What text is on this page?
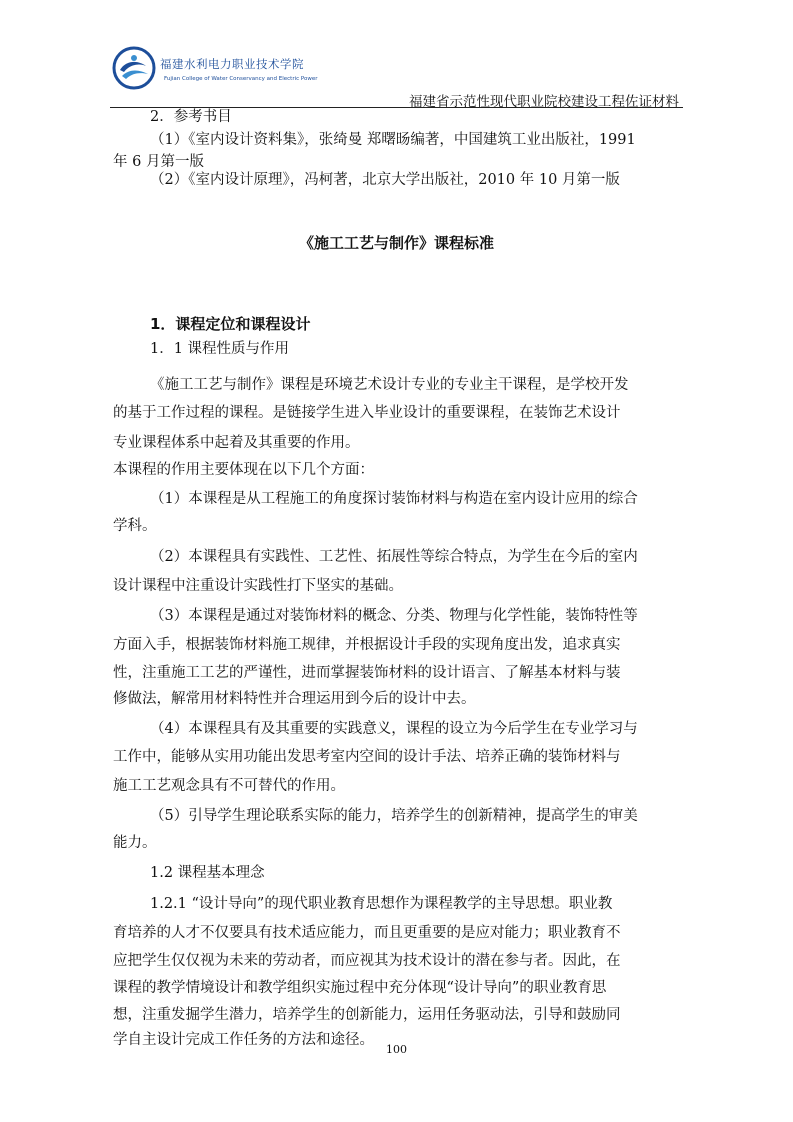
福建水利电力职业技术学院
Fujian College of Water Conservancy and Electric Power
福建省示范性现代职业院校建设工程佐证材料
2．参考书目
（1）《室内设计资料集》，张绮曼 郑曙旸编著，中国建筑工业出版社，1991
年 6 月第一版
（2）《室内设计原理》，冯柯著，北京大学出版社，2010 年 10 月第一版
《施工工艺与制作》课程标准
1．课程定位和课程设计
1．1 课程性质与作用
《施工工艺与制作》课程是环境艺术设计专业的专业主干课程，是学校开发
的基于工作过程的课程。是链接学生进入毕业设计的重要课程，在装饰艺术设计
专业课程体系中起着及其重要的作用。
本课程的作用主要体现在以下几个方面：
（1）本课程是从工程施工的角度探讨装饰材料与构造在室内设计应用的综合
学科。
（2）本课程具有实践性、工艺性、拓展性等综合特点，为学生在今后的室内
设计课程中注重设计实践性打下坚实的基础。
（3）本课程是通过对装饰材料的概念、分类、物理与化学性能，装饰特性等
方面入手，根据装饰材料施工规律，并根据设计手段的实现角度出发，追求真实
性，注重施工工艺的严谨性，进而掌握装饰材料的设计语言、了解基本材料与装
修做法，解常用材料特性并合理运用到今后的设计中去。
（4）本课程具有及其重要的实践意义，课程的设立为今后学生在专业学习与
工作中，能够从实用功能出发思考室内空间的设计手法、培养正确的装饰材料与
施工工艺观念具有不可替代的作用。
（5）引导学生理论联系实际的能力，培养学生的创新精神，提高学生的审美
能力。
1.2 课程基本理念
1.2.1 “设计导向”的现代职业教育思想作为课程教学的主导思想。职业教
育培养的人才不仅要具有技术适应能力，而且更重要的是应对能力；职业教育不
应把学生仅仅视为未来的劳动者，而应视其为技术设计的潜在参与者。因此，在
课程的教学情境设计和教学组织实施过程中充分体现“设计导向”的职业教育思
想，注重发掘学生潜力，培养学生的创新能力，运用任务驱动法，引导和鼓励同
学自主设计完成工作任务的方法和途径。
100
